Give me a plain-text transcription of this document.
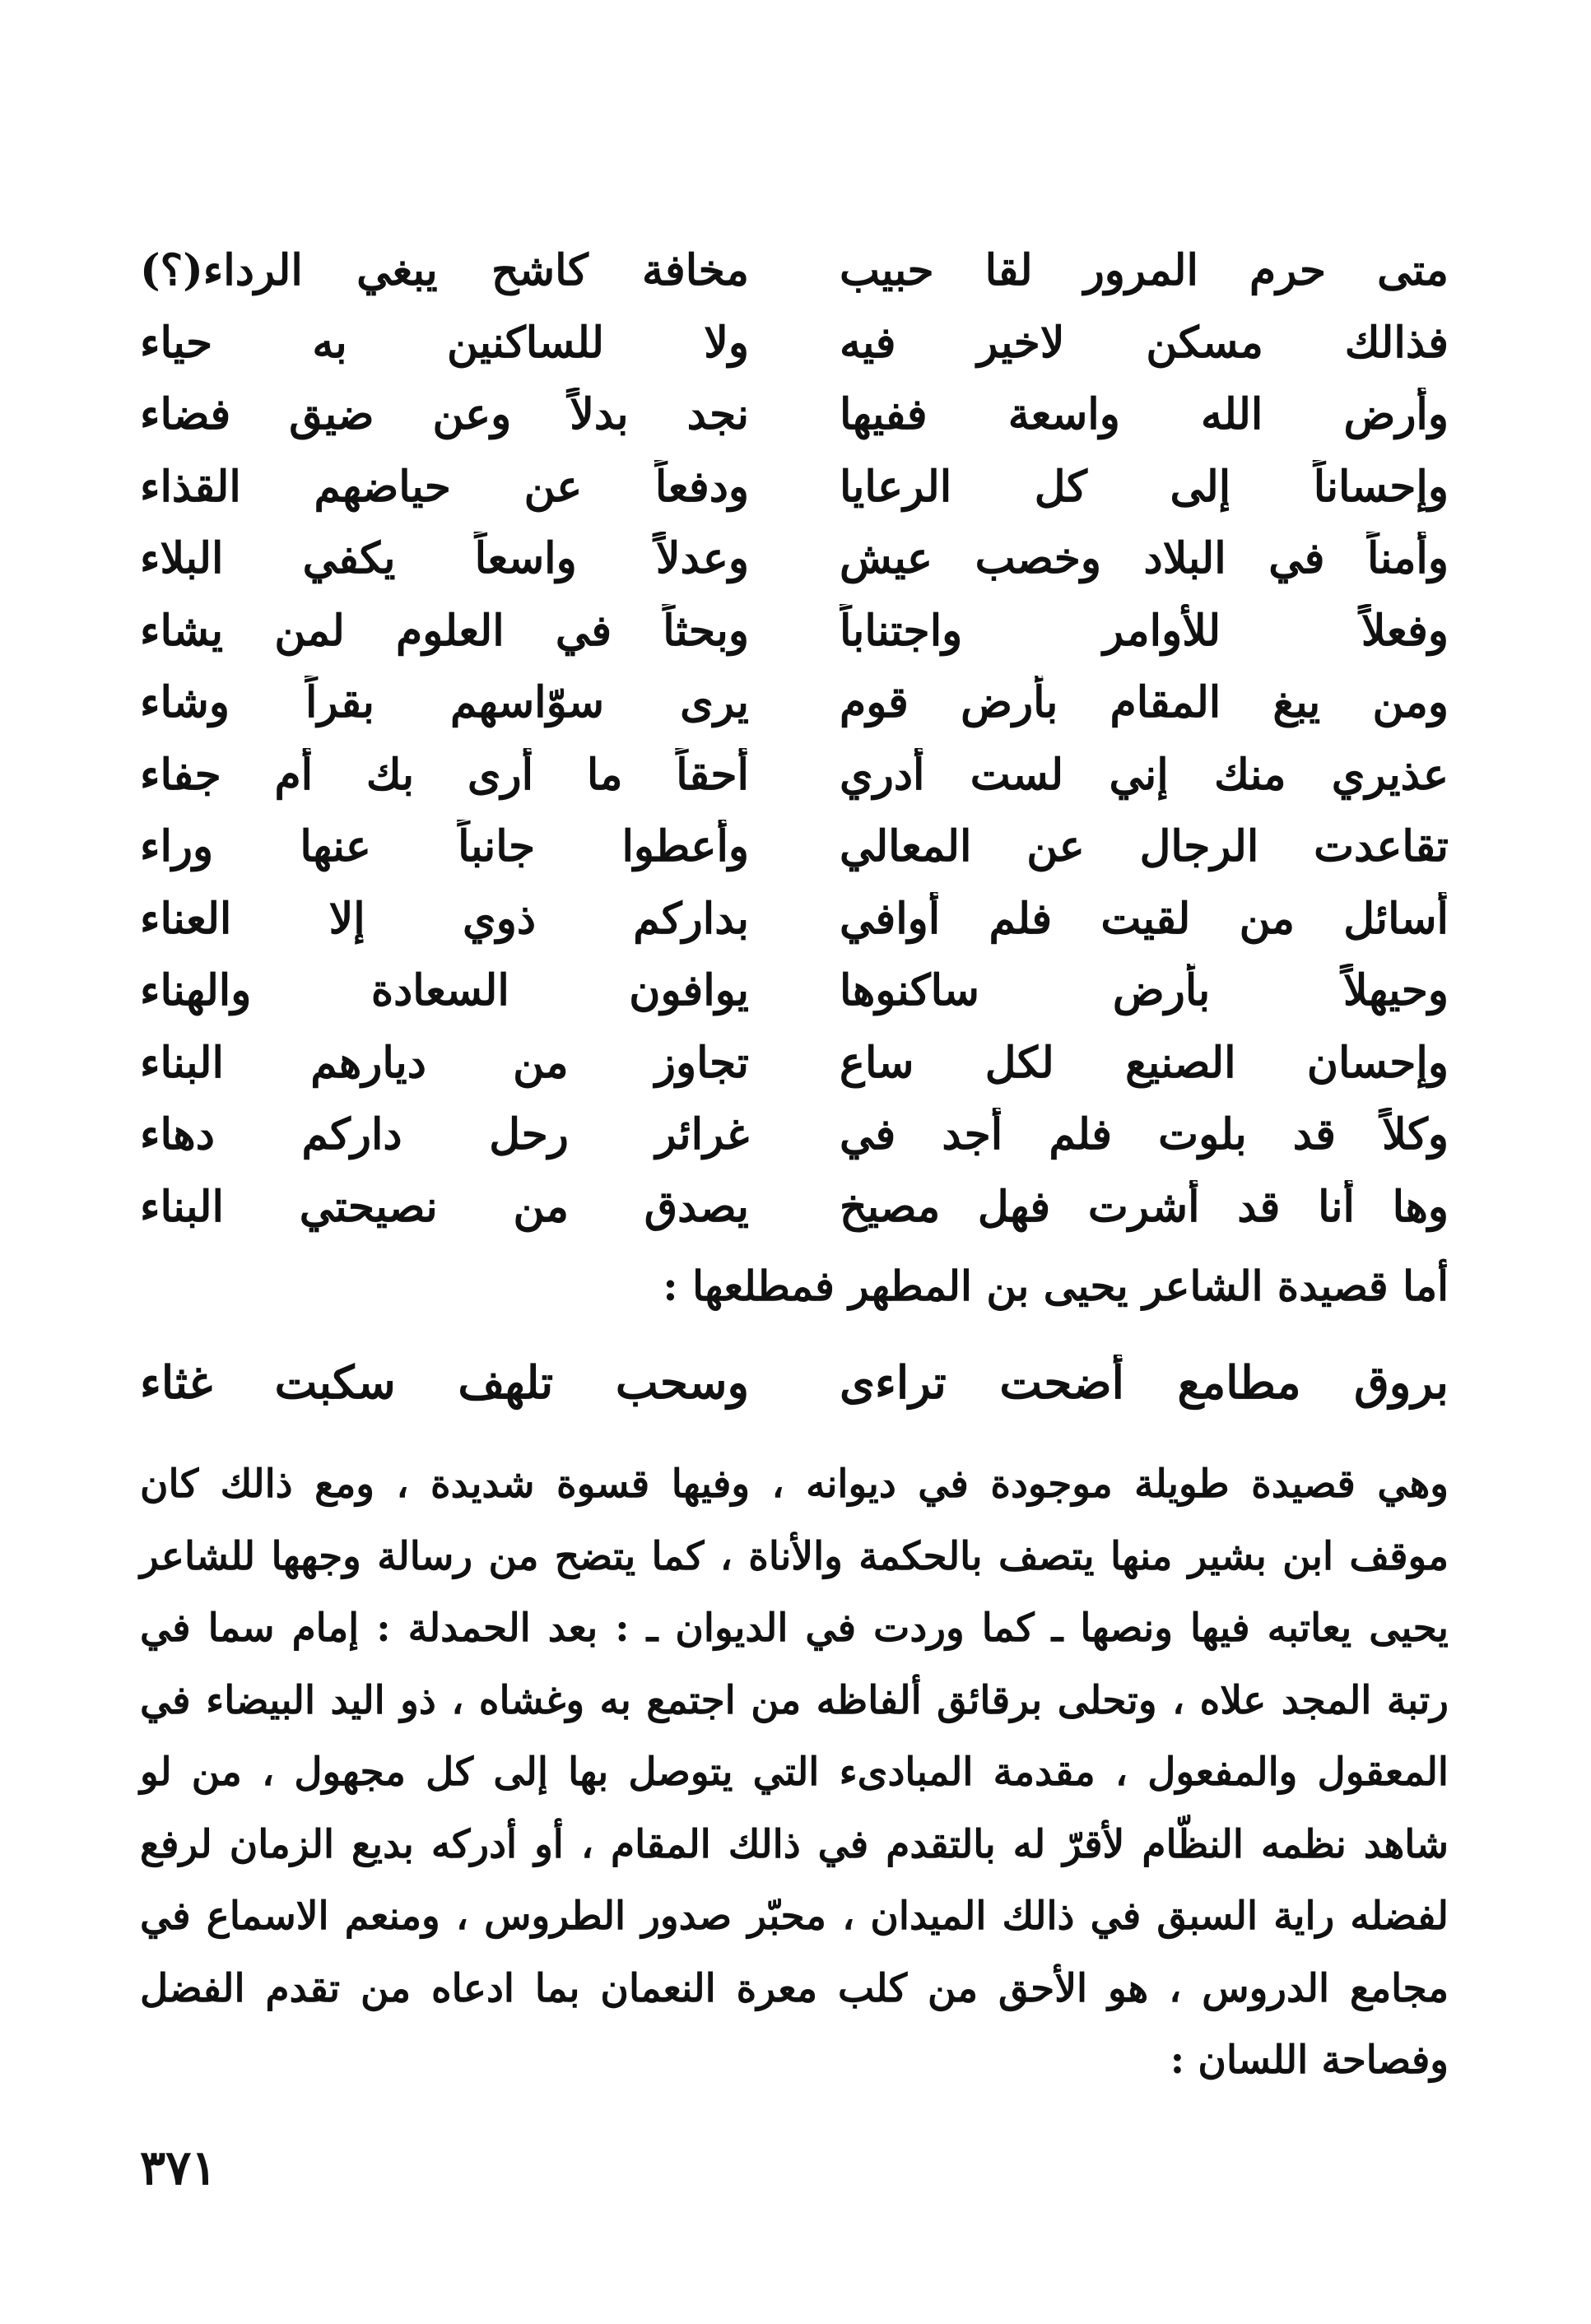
متى حرم المرور لقا حبيب
مخافة كاشح يبغي الرداء(؟)
فذالك مسكن لاخير فيه
ولا للساكنين به حياء
وأرض الله واسعة ففيها
نجد بدلاً وعن ضيق فضاء
وإحساناً إلى كل الرعايا
ودفعاً عن حياضهم القذاء
وأمناً في البلاد وخصب عيش
وعدلاً واسعاً يكفي البلاء
وفعلاً للأوامر واجتناباً
وبحثاً في العلوم لمن يشاء
ومن يبغ المقام بأرض قوم
يرى سوّاسهم بقراً وشاء
عذيري منك إني لست أدري
أحقاً ما أرى بك أم جفاء
تقاعدت الرجال عن المعالي
وأعطوا جانباً عنها وراء
أسائل من لقيت فلم أوافي
بداركم ذوي إلا العناء
وحيهلاً بأرض ساكنوها
يوافون السعادة والهناء
وإحسان الصنيع لكل ساع
تجاوز من ديارهم البناء
وكلاً قد بلوت فلم أجد في
غرائر رحل داركم دهاء
وها أنا قد أشرت فهل مصيخ
يصدق من نصيحتي البناء
أما قصيدة الشاعر يحيى بن المطهر فمطلعها :
بروق مطامع أضحت تراءى
وسحب تلهف سكبت غثاء

وهي قصيدة طويلة موجودة في ديوانه ، وفيها قسوة شديدة ، ومع ذالك كان موقف ابن بشير منها يتصف بالحكمة والأناة ، كما يتضح من رسالة وجهها للشاعر يحيى يعاتبه فيها ونصها ـ كما وردت في الديوان ـ : بعد الحمدلة : إمام سما في رتبة المجد علاه ، وتحلى برقائق ألفاظه من اجتمع به وغشاه ، ذو اليد البيضاء في المعقول والمفعول ، مقدمة المبادىء التي يتوصل بها إلى كل مجهول ، من لو شاهد نظمه النظّام لأقرّ له بالتقدم في ذالك المقام ، أو أدركه بديع الزمان لرفع لفضله راية السبق في ذالك الميدان ، محبّر صدور الطروس ، ومنعم الاسماع في مجامع الدروس ، هو الأحق من كلب معرة النعمان بما ادعاه من تقدم الفضل وفصاحة اللسان :

٣٧١
